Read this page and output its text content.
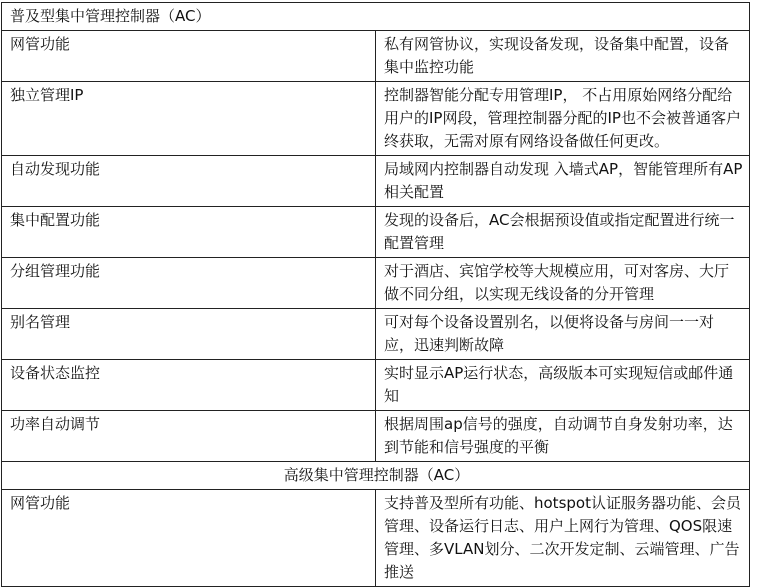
普及型集中管理控制器（AC）	
网管功能	私有网管协议，实现设备发现，设备集中配置，设备集中监控功能
独立管理IP	控制器智能分配专用管理IP， 不占用原始网络分配给用户的IP网段，管理控制器分配的IP也不会被普通客户终获取，无需对原有网络设备做任何更改。
自动发现功能	局域网内控制器自动发现 入墙式AP，智能管理所有AP相关配置
集中配置功能	发现的设备后，AC会根据预设值或指定配置进行统一配置管理
分组管理功能	对于酒店、宾馆学校等大规模应用，可对客房、大厅做不同分组，以实现无线设备的分开管理
别名管理	可对每个设备设置别名，以便将设备与房间一一对应，迅速判断故障
设备状态监控	实时显示AP运行状态，高级版本可实现短信或邮件通知
功率自动调节	根据周围ap信号的强度，自动调节自身发射功率，达到节能和信号强度的平衡
高级集中管理控制器（AC）	
网管功能	支持普及型所有功能、hotspot认证服务器功能、会员管理、设备运行日志、用户上网行为管理、QOS限速管理、多VLAN划分、二次开发定制、云端管理、广告推送
